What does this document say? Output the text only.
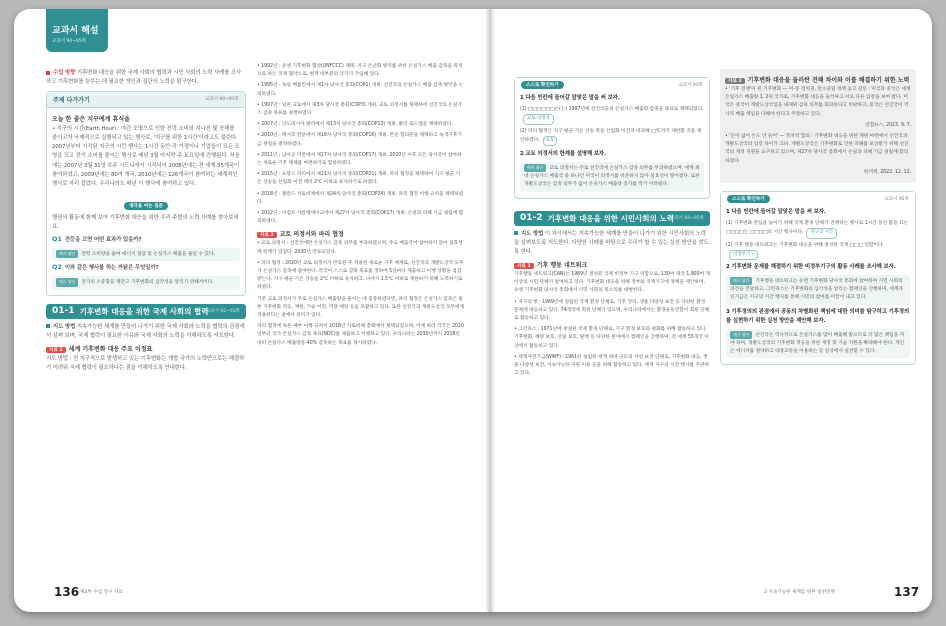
교과서 해설
교과서 90~95쪽

수업 방향 기후변화 대응을 위한 국제 사회의 협력과 시민 사회의 노력 사례를 조사하고 기후변화를 늦추는 데 필요한 개인과 집단의 노력을 탐구한다.

주제 다가가기	교과서 90~91쪽
오늘 한 줄은 지구에게 휴식을

• 지구의 시간(Earth Hour) : 야간 조명으로 인한 전력 소비와 지나친 빛 공해를 줄이고자 국제적으로 실행되고 있는 행사로, '지구를 위한 1시간'이라고도 불린다. 2007년부터 시작된 지구의 시간 행사는 1시간 동안 각 가정이나 기업들이 모든 조명을 끄고 전기 소비를 줄이는 행사로 매년 3월 마지막 주 토요일에 진행된다. 처음에는 2007년 3월 31일 호주 시드니에서 시작되어 2008년에는 전 세계 35개국이 참여하였고, 2009년에는 80여 개국, 2010년에는 126개국이 참여하는 세계적인 행사로 자리 잡았다. 우리나라도 매년 이 행사에 참여하고 있다.

생각을 여는 질문

행권의 활동에 함께 보여 기후변화 대응을 위한 우리 주변의 노력 사례를 찾아보세요.

Q1 전등을 끄면 어떤 효과가 있을까?
예시 답안 전력 소비량을 줄여 에너지 절감 및 온실가스 배출을 줄일 수 있다.
Q2 이와 같은 행사를 하는 까닭은 무엇일까?
예시 답안 전기의 소중함을 깨닫고 기후변화의 심각성을 알리기 위해서이다.
01-1 기후변화 대응을 위한 국제 사회의 협력
교과서 92~93쪽

지도 방법 지속가능한 세계를 만들어 나가기 위한 국제 사회와 노력을 협력의 관점에서 살펴 보며, 국제 협력이 필요한 이유와 국제 사회의 노력을 이해하도록 지도한다.

자료 1 세계 기후변화 대응 주요 이정표

지도 방법 : 전 지구적으로 발생하고 있는 기후변화는 개별 국가의 노력만으로는 해결하기 어려워 국제 협력이 필요하다는 점을 이해하도록 안내한다.

• 1992년 : 유엔 기후변화 협약(UNFCCC) 채택. 지구 온난화 방지를 위한 온실가스 배출 감축을 목적으로 하는 국제 협약으로, 현재 대부분의 국가가 가입해 있다.

• 1995년 : 독일 베를린에서 제1차 당사국 총회(COP1) 개최. 선진국의 온실가스 배출 감축 방안을 논의하였다.

• 1997년 : 일본 교토에서 제3차 당사국 총회(COP3) 개최. 교토 의정서를 채택하여 선진국의 온실가스 감축 목표를 설정하였다.

• 2007년 : 인도네시아 발리에서 제13차 당사국 총회(COP13) 개최. 발리 로드맵을 채택하였다.

• 2010년 : 멕시코 칸쿤에서 제16차 당사국 총회(COP16) 개최. 칸쿤 합의문을 채택하고 녹색기후기금 설립을 결정하였다.

• 2011년 : 남아공 더반에서 제17차 당사국 총회(COP17) 개최. 2020년 이후 모든 당사국이 참여하는 새로운 기후 체제를 마련하기로 합의하였다.

• 2015년 : 프랑스 파리에서 제21차 당사국 총회(COP21) 개최. 파리 협정을 채택하여 지구 평균 기온 상승을 산업화 이전 대비 2℃ 이하로 유지하기로 하였다.

• 2018년 : 폴란드 카토비체에서 제24차 당사국 총회(COP24) 개최. 파리 협정 이행 규칙을 채택하였다.

• 2022년 : 이집트 샤름엘셰이크에서 제27차 당사국 총회(COP27) 개최. 손실과 피해 기금 설립에 합의하였다.

자료 2 교토 의정서와 파리 협정

• 교토 의정서 : 선진국에만 온실가스 감축 의무를 부과하였으며, 주요 배출국이 참여하지 않아 실효성에 한계가 있었다. 2020년 만료되었다.

• 파리 협정 : 2020년 교토 의정서가 만료된 후 적용된 새로운 기후 체제로, 선진국과 개발도상국 모두가 온실가스 감축에 참여한다. 각국이 스스로 감축 목표를 정하여 5년마다 제출하고 이행 상황을 점검받는다. 지구 평균 기온 상승을 2℃ 이하로 유지하고, 나아가 1.5℃ 이하로 제한하기 위해 노력하기로 하였다.

기존 교토 의정서가 주로 온실가스 배출량을 줄이는 데 집중하였다면, 파리 협정은 온실가스 감축은 물론 기후변화 적응, 재원, 기술 이전, 역량 배양 등을 포괄하고 있다. 또한 선진국과 개발도상국 모두에게 적용된다는 점에서 의미가 있다.

파리 협정에 따른 세부 이행 규칙이 2018년 카토비체 총회에서 채택되었으며, 이에 따라 각국은 2020년부터 국가 온실가스 감축 목표(NDC)를 제출하고 이행하고 있다. 우리나라는 2030년까지 2018년 대비 온실가스 배출량을 40% 감축하는 목표를 제시하였다.

136 제2부 수업 연구 자료
스스로 확인하기	교과서 93쪽
1 다음 빈칸에 들어갈 알맞은 말을 써 보자.
(1) □□□□□□은(는) 1997년에 선진국들의 온실가스 배출량 감축을 목표로 채택되었다.교토 의정서
(2) 파리 협정은 지구 평균 기온 상승 폭을 산업화 이전과 비교해 □℃까지 제한할 것을 제안하였다. 1.5
2 교토 의정서의 한계를 설명해 보자.
예시 답안 교토 의정서는 주로 선진국에 온실가스 감축 의무를 부과하였으며, 세계 최대 온실가스 배출국 중 하나인 미국이 의정서를 비준하지 않아 실효성이 떨어졌다. 또한 개발도상국은 감축 의무가 없어 온실가스 배출량 증가를 막기 어려웠다.
01-2 기후변화 대응을 위한 시민사회의 노력
교과서 94~95쪽

지도 방법 이 차시에서는 지속가능한 세계를 만들어 나가기 위한 시민사회의 노력을 살펴보도록 지도한다. 다양한 사례를 바탕으로 우리가 할 수 있는 실천 방안을 찾도록 한다.

자료 1 기후 행동 네트워크

기후행동 네트워크(CAN)는 1989년 결성된 국제 비정부 기구 연합으로, 130여 개국 1,900여 개 이상의 시민 단체가 참여하고 있다. 기후변화 대응을 위해 정부와 국제기구에 정책을 제안하며, 유엔 기후변화 당사국 총회에서 시민 사회의 목소리를 대변한다.

• 지구의 벗 : 1969년에 설립된 국제 환경 단체로, 기후 정의, 생물 다양성 보전 등 다양한 환경 문제에 대응하고 있다. 74개국에 회원 단체가 있으며, 우리나라에서는 환경운동연합이 회원 단체로 활동하고 있다.

• 그린피스 : 1971년에 창설된 국제 환경 단체로, 지구 환경 보호와 평화를 위해 활동하고 있다. 기후변화, 해양 보호, 산림 보호, 탈핵 등 다양한 분야에서 캠페인을 진행하며, 전 세계 55개국 이상에서 활동하고 있다.

• 세계자연기금(WWF) : 1961년 설립된 세계 최대 규모의 자연 보전 단체로, 기후변화 대응, 생물 다양성 보전, 지속가능한 자원 이용 등을 위해 활동하고 있다. 세계 지구의 시간 행사를 주관하고 있다.

자료 2 기후변화 대응을 둘러싼 견해 차이와 이를 해결하기 위한 노력

• '기후 전쟁'이 된 기후변화 — 미-중 정치권, 탄소중립 정책 놓고 갈등 : 미국과 중국은 세계 온실가스 배출량 1, 2위 국가로, 기후변화 대응을 둘러싸고 서로 다른 입장을 보여 왔다. 미국은 중국이 개발도상국임을 내세워 감축 의무를 회피한다고 비판하고, 중국은 선진국이 역사적 배출 책임을 다해야 한다고 주장하고 있다.

연합뉴스, 2023. 9. 7.

• '돈이 없어 손도 안 들어' — 정치적 합의 : 기후변화 대응을 위한 재원 마련에서 선진국과 개발도상국의 입장 차이가 크다. 개발도상국은 기후변화로 인한 피해를 보상받기 위해 선진국의 재정 지원을 요구하고 있으며, 제27차 당사국 총회에서 손실과 피해 기금 설립에 합의하였다.

한겨레, 2022. 12. 12.

스스로 확인하기	교과서 95쪽
1 다음 빈칸에 들어갈 알맞은 말을 써 보자.
(1) 기후변화 관심을 높이기 위해 국제 환경 단체가 진행하는 행사로 1시간 동안 불을 끄는 □□□□는 □□□□의 시간 행사이다. 지구의 시간
(2) 기후 행동 네트워크는 기후변화 대응을 위해 결성된 국제 □□□ 연합이다.비정부기구
2 기후변화 문제를 해결하기 위한 비정부기구의 활동 사례를 조사해 보자.
예시 답안 기후행동 네트워크는 유엔 기후변화 당사국 총회에 참여하여 시민 사회의 의견을 전달하고, 그린피스는 기후변화의 심각성을 알리는 캠페인을 진행하며, 세계자연기금은 지구의 시간 행사를 통해 시민의 참여를 이끌어 내고 있다.
3 기후정의의 관점에서 공동의 차별화된 책임에 대한 의미를 탐구하고 기후정의를 실현하기 위한 실천 방안을 제안해 보자.
예시 답안 선진국은 역사적으로 온실가스를 많이 배출해 왔으므로 더 많은 책임을 져야 하며, 개발도상국의 기후변화 적응을 위한 재정 및 기술 지원을 확대해야 한다. 개인은 에너지를 절약하고 대중교통을 이용하는 등 일상에서 실천할 수 있다.
3 지속가능한 세계를 위한 실천전략	137
